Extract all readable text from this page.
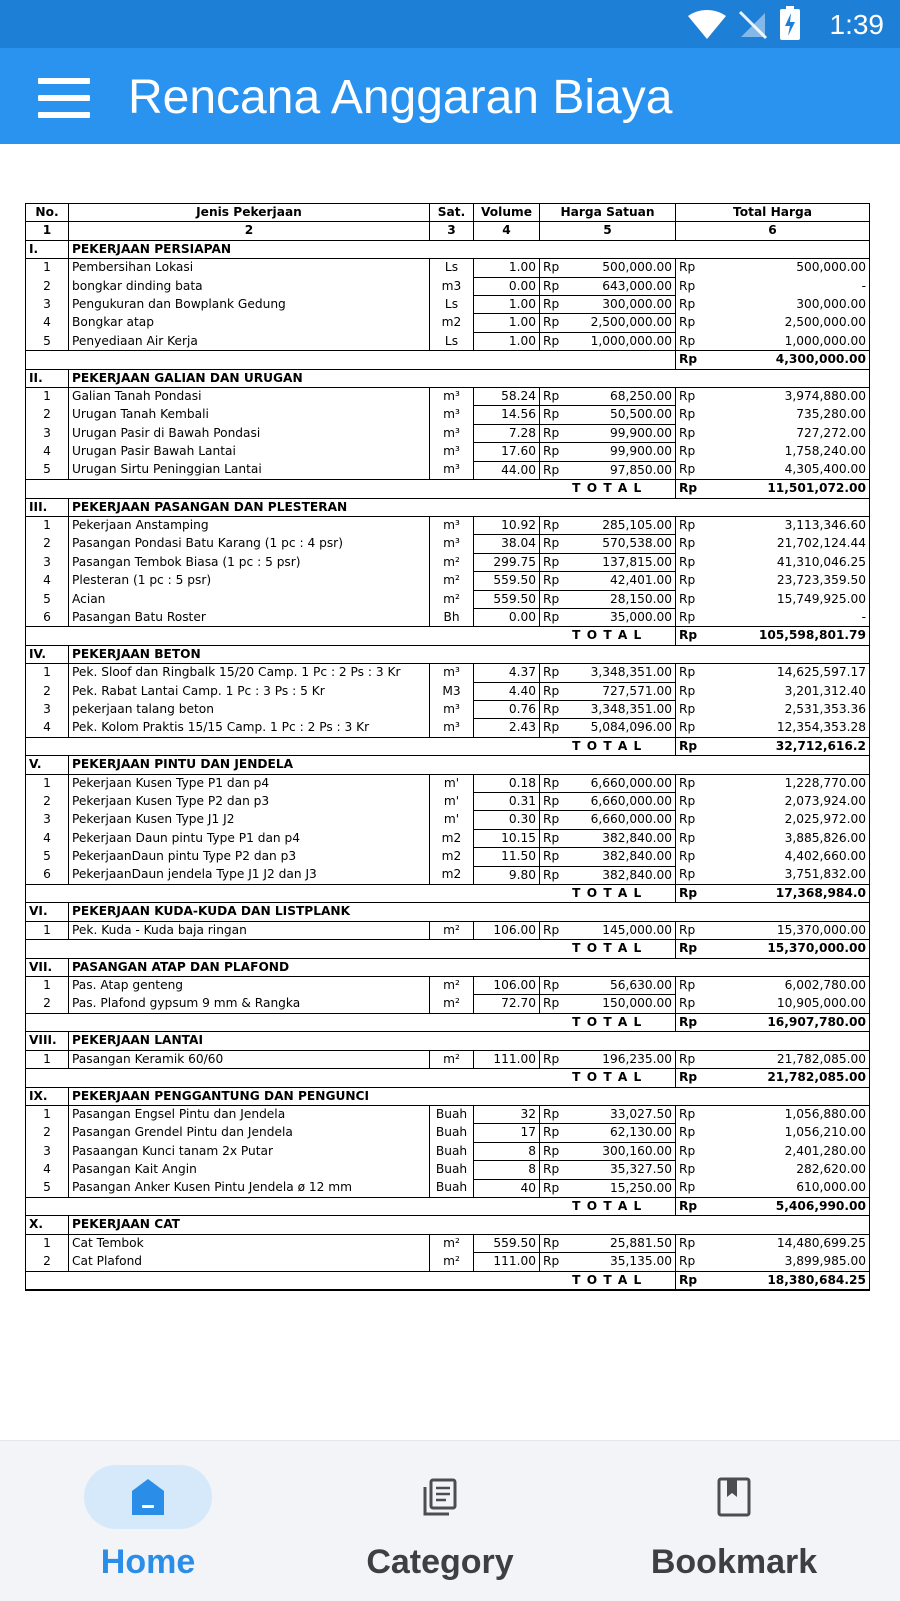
1:39
Rencana Anggaran Biaya
No.	Jenis Pekerjaan	Sat.	Volume	Harga Satuan		Total Harga	
1	2	3	4	5		6	
I.	PEKERJAAN PERSIAPAN						
1	Pembersihan Lokasi	Ls	1.00	Rp	500,000.00	Rp	500,000.00
2	bongkar dinding bata	m3	0.00	Rp	643,000.00	Rp	-
3	Pengukuran dan Bowplank Gedung	Ls	1.00	Rp	300,000.00	Rp	300,000.00
4	Bongkar atap	m2	1.00	Rp	2,500,000.00	Rp	2,500,000.00
5	Penyediaan Air Kerja	Ls	1.00	Rp	1,000,000.00	Rp	1,000,000.00
						Rp	4,300,000.00
II.	PEKERJAAN GALIAN DAN URUGAN						
1	Galian Tanah Pondasi	m³	58.24	Rp	68,250.00	Rp	3,974,880.00
2	Urugan Tanah Kembali	m³	14.56	Rp	50,500.00	Rp	735,280.00
3	Urugan Pasir di Bawah Pondasi	m³	7.28	Rp	99,900.00	Rp	727,272.00
4	Urugan Pasir Bawah Lantai	m³	17.60	Rp	99,900.00	Rp	1,758,240.00
5	Urugan Sirtu Peninggian Lantai	m³	44.00	Rp	97,850.00	Rp	4,305,400.00
				T O T A L		Rp	11,501,072.00
III.	PEKERJAAN PASANGAN DAN PLESTERAN						
1	Pekerjaan Anstamping	m³	10.92	Rp	285,105.00	Rp	3,113,346.60
2	Pasangan Pondasi Batu Karang (1 pc : 4 psr)	m³	38.04	Rp	570,538.00	Rp	21,702,124.44
3	Pasangan Tembok Biasa (1 pc : 5 psr)	m²	299.75	Rp	137,815.00	Rp	41,310,046.25
4	Plesteran (1 pc : 5 psr)	m²	559.50	Rp	42,401.00	Rp	23,723,359.50
5	Acian	m²	559.50	Rp	28,150.00	Rp	15,749,925.00
6	Pasangan Batu Roster	Bh	0.00	Rp	35,000.00	Rp	-
				T O T A L		Rp	105,598,801.79
IV.	PEKERJAAN BETON						
1	Pek. Sloof dan Ringbalk 15/20 Camp. 1 Pc : 2 Ps : 3 Kr	m³	4.37	Rp	3,348,351.00	Rp	14,625,597.17
2	Pek. Rabat Lantai Camp. 1 Pc : 3 Ps : 5 Kr	M3	4.40	Rp	727,571.00	Rp	3,201,312.40
3	pekerjaan talang beton	m³	0.76	Rp	3,348,351.00	Rp	2,531,353.36
4	Pek. Kolom Praktis 15/15 Camp. 1 Pc : 2 Ps : 3 Kr	m³	2.43	Rp	5,084,096.00	Rp	12,354,353.28
				T O T A L		Rp	32,712,616.2
V.	PEKERJAAN PINTU DAN JENDELA						
1	Pekerjaan Kusen Type P1 dan p4	m'	0.18	Rp	6,660,000.00	Rp	1,228,770.00
2	Pekerjaan Kusen Type P2 dan p3	m'	0.31	Rp	6,660,000.00	Rp	2,073,924.00
3	Pekerjaan Kusen Type J1 J2	m'	0.30	Rp	6,660,000.00	Rp	2,025,972.00
4	Pekerjaan Daun pintu Type P1 dan p4	m2	10.15	Rp	382,840.00	Rp	3,885,826.00
5	PekerjaanDaun pintu Type P2 dan p3	m2	11.50	Rp	382,840.00	Rp	4,402,660.00
6	PekerjaanDaun jendela Type J1 J2 dan J3	m2	9.80	Rp	382,840.00	Rp	3,751,832.00
				T O T A L		Rp	17,368,984.0
VI.	PEKERJAAN KUDA-KUDA DAN LISTPLANK						
1	Pek. Kuda - Kuda baja ringan	m²	106.00	Rp	145,000.00	Rp	15,370,000.00
				T O T A L		Rp	15,370,000.00
VII.	PASANGAN ATAP DAN PLAFOND						
1	Pas. Atap genteng	m²	106.00	Rp	56,630.00	Rp	6,002,780.00
2	Pas. Plafond gypsum 9 mm & Rangka	m²	72.70	Rp	150,000.00	Rp	10,905,000.00
				T O T A L		Rp	16,907,780.00
VIII.	PEKERJAAN LANTAI						
1	Pasangan Keramik 60/60	m²	111.00	Rp	196,235.00	Rp	21,782,085.00
				T O T A L		Rp	21,782,085.00
IX.	PEKERJAAN PENGGANTUNG DAN PENGUNCI						
1	Pasangan Engsel Pintu dan Jendela	Buah	32	Rp	33,027.50	Rp	1,056,880.00
2	Pasangan Grendel Pintu dan Jendela	Buah	17	Rp	62,130.00	Rp	1,056,210.00
3	Pasaangan Kunci tanam 2x Putar	Buah	8	Rp	300,160.00	Rp	2,401,280.00
4	Pasangan Kait Angin	Buah	8	Rp	35,327.50	Rp	282,620.00
5	Pasangan Anker Kusen Pintu Jendela ø 12 mm	Buah	40	Rp	15,250.00	Rp	610,000.00
				T O T A L		Rp	5,406,990.00
X.	PEKERJAAN CAT						
1	Cat Tembok	m²	559.50	Rp	25,881.50	Rp	14,480,699.25
2	Cat Plafond	m²	111.00	Rp	35,135.00	Rp	3,899,985.00
				T O T A L		Rp	18,380,684.25
Home	Category	Bookmark
